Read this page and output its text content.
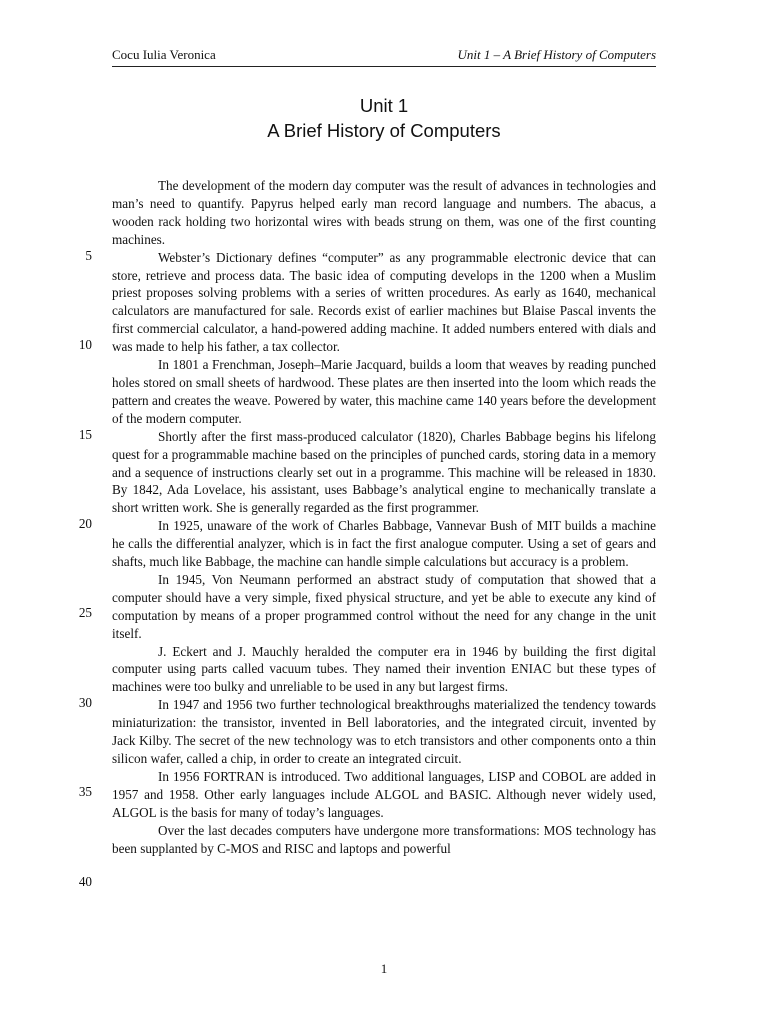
Cocu Iulia Veronica	Unit 1 – A Brief History of Computers
Unit 1
A Brief History of Computers
5
10
15
20
25
30
35
40

The development of the modern day computer was the result of advances in technologies and man’s need to quantify. Papyrus helped early man record language and numbers. The abacus, a wooden rack holding two horizontal wires with beads strung on them, was one of the first counting machines.

Webster’s Dictionary defines “computer” as any programmable electronic device that can store, retrieve and process data. The basic idea of computing develops in the 1200 when a Muslim priest proposes solving problems with a series of written procedures. As early as 1640, mechanical calculators are manufactured for sale. Records exist of earlier machines but Blaise Pascal invents the first commercial calculator, a hand-powered adding machine. It added numbers entered with dials and was made to help his father, a tax collector.

In 1801 a Frenchman, Joseph–Marie Jacquard, builds a loom that weaves by reading punched holes stored on small sheets of hardwood. These plates are then inserted into the loom which reads the pattern and creates the weave. Powered by water, this machine came 140 years before the development of the modern computer.

Shortly after the first mass-produced calculator (1820), Charles Babbage begins his lifelong quest for a programmable machine based on the principles of punched cards, storing data in a memory and a sequence of instructions clearly set out in a programme. This machine will be released in 1830. By 1842, Ada Lovelace, his assistant, uses Babbage’s analytical engine to mechanically translate a short written work. She is generally regarded as the first programmer.

In 1925, unaware of the work of Charles Babbage, Vannevar Bush of MIT builds a machine he calls the differential analyzer, which is in fact the first analogue computer. Using a set of gears and shafts, much like Babbage, the machine can handle simple calculations but accuracy is a problem.

In 1945, Von Neumann performed an abstract study of computation that showed that a computer should have a very simple, fixed physical structure, and yet be able to execute any kind of computation by means of a proper programmed control without the need for any change in the unit itself.

J. Eckert and J. Mauchly heralded the computer era in 1946 by building the first digital computer using parts called vacuum tubes. They named their invention ENIAC but these types of machines were too bulky and unreliable to be used in any but largest firms.

In 1947 and 1956 two further technological breakthroughs materialized the tendency towards miniaturization: the transistor, invented in Bell laboratories, and the integrated circuit, invented by Jack Kilby. The secret of the new technology was to etch transistors and other components onto a thin silicon wafer, called a chip, in order to create an integrated circuit.

In 1956 FORTRAN is introduced. Two additional languages, LISP and COBOL are added in 1957 and 1958. Other early languages include ALGOL and BASIC. Although never widely used, ALGOL is the basis for many of today’s languages.

Over the last decades computers have undergone more transformations: MOS technology has been supplanted by C-MOS and RISC and laptops and powerful

1
